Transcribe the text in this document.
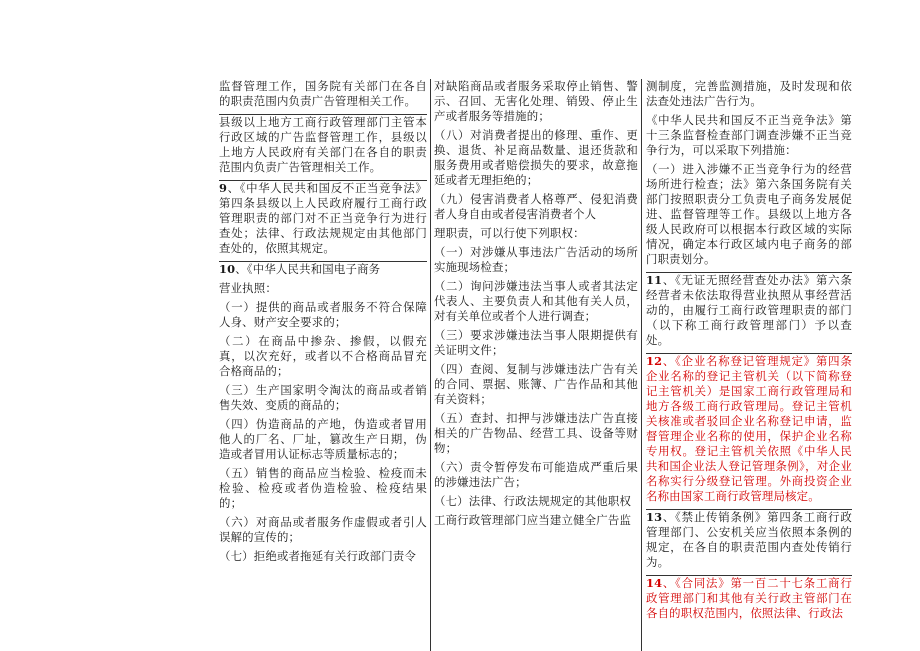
监督管理工作，国务院有关部门在各自的职责范围内负责广告管理相关工作。

县级以上地方工商行政管理部门主管本行政区域的广告监督管理工作，县级以上地方人民政府有关部门在各自的职责范围内负责广告管理相关工作。

9、《中华人民共和国反不正当竞争法》第四条县级以上人民政府履行工商行政管理职责的部门对不正当竞争行为进行查处；法律、行政法规规定由其他部门查处的，依照其规定。

10、《中华人民共和国电子商务

营业执照：

（一）提供的商品或者服务不符合保障人身、财产安全要求的；

（二）在商品中掺杂、掺假，以假充真，以次充好，或者以不合格商品冒充合格商品的；

（三）生产国家明令淘汰的商品或者销售失效、变质的商品的；

（四）伪造商品的产地，伪造或者冒用他人的厂名、厂址，篡改生产日期，伪造或者冒用认证标志等质量标志的；

（五）销售的商品应当检验、检疫而未检验、检疫或者伪造检验、检疫结果的；

（六）对商品或者服务作虚假或者引人误解的宣传的；

（七）拒绝或者拖延有关行政部门责令

对缺陷商品或者服务采取停止销售、警示、召回、无害化处理、销毁、停止生产或者服务等措施的；

（八）对消费者提出的修理、重作、更换、退货、补足商品数量、退还货款和服务费用或者赔偿损失的要求，故意拖延或者无理拒绝的；

（九）侵害消费者人格尊严、侵犯消费者人身自由或者侵害消费者个人

理职责，可以行使下列职权：

（一）对涉嫌从事违法广告活动的场所实施现场检查；

（二）询问涉嫌违法当事人或者其法定代表人、主要负责人和其他有关人员，对有关单位或者个人进行调查；

（三）要求涉嫌违法当事人限期提供有关证明文件；

（四）查阅、复制与涉嫌违法广告有关的合同、票据、账簿、广告作品和其他有关资料；

（五）查封、扣押与涉嫌违法广告直接相关的广告物品、经营工具、设备等财物；

（六）责令暂停发布可能造成严重后果的涉嫌违法广告；

（七）法律、行政法规规定的其他职权

工商行政管理部门应当建立健全广告监

测制度，完善监测措施，及时发现和依法查处违法广告行为。

《中华人民共和国反不正当竞争法》第十三条监督检查部门调查涉嫌不正当竞争行为，可以采取下列措施：

（一）进入涉嫌不正当竞争行为的经营场所进行检查；法》第六条国务院有关部门按照职责分工负责电子商务发展促进、监督管理等工作。县级以上地方各级人民政府可以根据本行政区域的实际情况，确定本行政区域内电子商务的部门职责划分。

11、《无证无照经营查处办法》第六条经营者未依法取得营业执照从事经营活动的，由履行工商行政管理职责的部门（以下称工商行政管理部门）予以查处。

12、《企业名称登记管理规定》第四条企业名称的登记主管机关（以下简称登记主管机关）是国家工商行政管理局和地方各级工商行政管理局。登记主管机关核准或者驳回企业名称登记申请，监督管理企业名称的使用，保护企业名称专用权。登记主管机关依照《中华人民共和国企业法人登记管理条例》，对企业名称实行分级登记管理。外商投资企业名称由国家工商行政管理局核定。

13、《禁止传销条例》第四条工商行政管理部门、公安机关应当依照本条例的规定，在各自的职责范围内查处传销行为。

14、《合同法》第一百二十七条工商行政管理部门和其他有关行政主管部门在各自的职权范围内，依照法律、行政法
